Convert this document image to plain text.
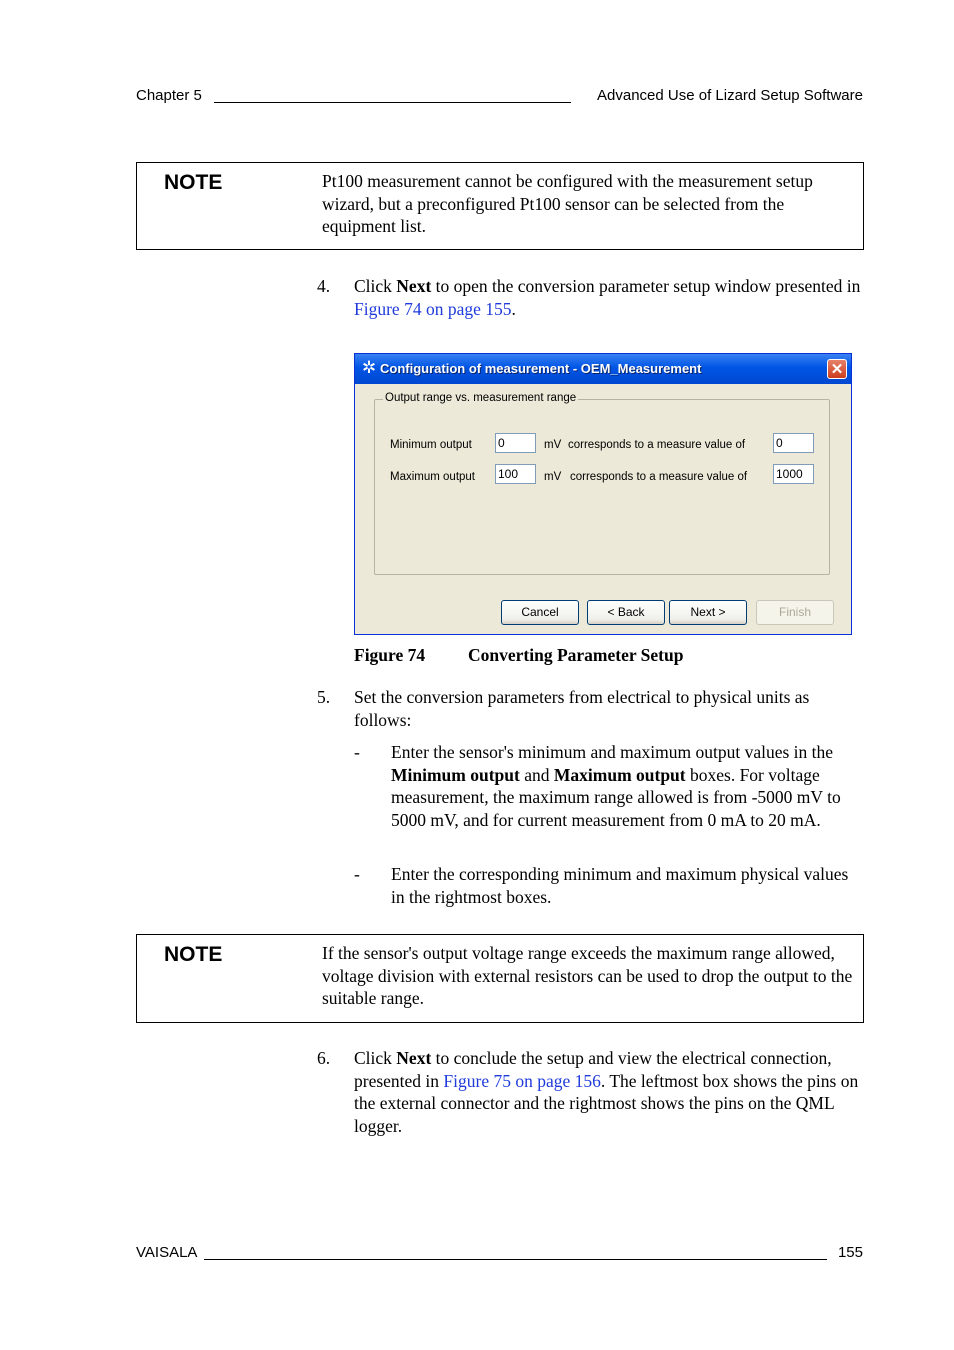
Chapter 5	Advanced Use of Lizard Setup Software
NOTE	Pt100 measurement cannot be configured with the measurement setup wizard, but a preconfigured Pt100 sensor can be selected from the equipment list.
4. Click Next to open the conversion parameter setup window presented in Figure 74 on page 155.
✲ Configuration of measurement - OEM_Measurement	✕
Output range vs. measurement range
Minimum output 0	mV corresponds to a measure value of	0
Maximum output 100	mV corresponds to a measure value of 1000
Cancel	< Back	Next >	Finish
Figure 74 Converting Parameter Setup
5. Set the conversion parameters from electrical to physical units as follows:
- Enter the sensor's minimum and maximum output values in the Minimum output and Maximum output boxes. For voltage measurement, the maximum range allowed is from -5000 mV to 5000 mV, and for current measurement from 0 mA to 20 mA.
- Enter the corresponding minimum and maximum physical values in the rightmost boxes.
NOTE	If the sensor's output voltage range exceeds the maximum range allowed, voltage division with external resistors can be used to drop the output to the suitable range.
6. Click Next to conclude the setup and view the electrical connection, presented in Figure 75 on page 156. The leftmost box shows the pins on the external connector and the rightmost shows the pins on the QML logger.
VAISALA	155
